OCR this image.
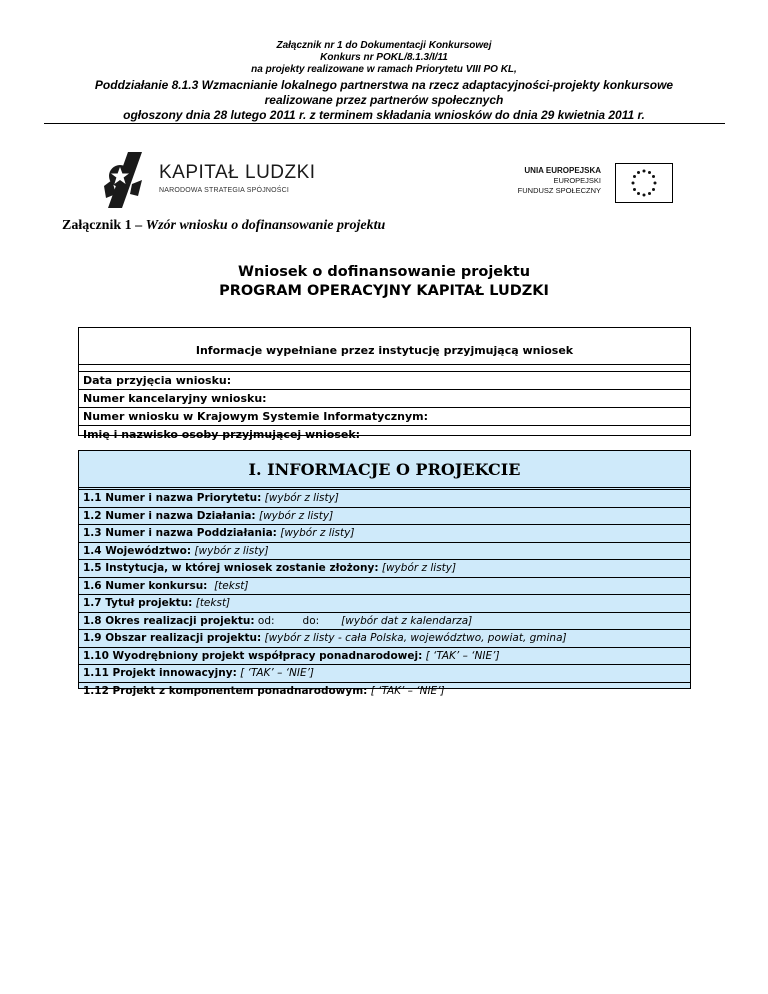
Załącznik nr 1 do Dokumentacji Konkursowej
Konkurs nr POKL/8.1.3/I/11
na projekty realizowane w ramach Priorytetu VIII PO KL,
Poddziałanie 8.1.3 Wzmacnianie lokalnego partnerstwa na rzecz adaptacyjności-projekty konkursowe
realizowane przez partnerów społecznych
ogłoszony dnia 28 lutego 2011 r. z terminem składania wniosków do dnia 29 kwietnia 2011 r.
KAPITAŁ LUDZKI
NARODOWA STRATEGIA SPÓJNOŚCI
UNIA EUROPEJSKA
EUROPEJSKI
FUNDUSZ SPOŁECZNY
Załącznik 1 – Wzór wniosku o dofinansowanie projektu
Wniosek o dofinansowanie projektu
PROGRAM OPERACYJNY KAPITAŁ LUDZKI
Informacje wypełniane przez instytucję przyjmującą wniosek
Data przyjęcia wniosku:
Numer kancelaryjny wniosku:
Numer wniosku w Krajowym Systemie Informatycznym:
Imię i nazwisko osoby przyjmującej wniosek:
I. INFORMACJE O PROJEKCIE
1.1 Numer i nazwa Priorytetu: [wybór z listy]
1.2 Numer i nazwa Działania: [wybór z listy]
1.3 Numer i nazwa Poddziałania: [wybór z listy]
1.4 Województwo: [wybór z listy]
1.5 Instytucja, w której wniosek zostanie złożony: [wybór z listy]
1.6 Numer konkursu: [tekst]
1.7 Tytuł projektu: [tekst]
1.8 Okres realizacji projektu: od:	do: [wybór dat z kalendarza]
1.9 Obszar realizacji projektu: [wybór z listy - cała Polska, województwo, powiat, gmina]
1.10 Wyodrębniony projekt współpracy ponadnarodowej: [ ‘TAK’ – ‘NIE’]
1.11 Projekt innowacyjny: [ ‘TAK’ – ‘NIE’]
1.12 Projekt z komponentem ponadnarodowym: [ ‘TAK’ – ‘NIE’]
